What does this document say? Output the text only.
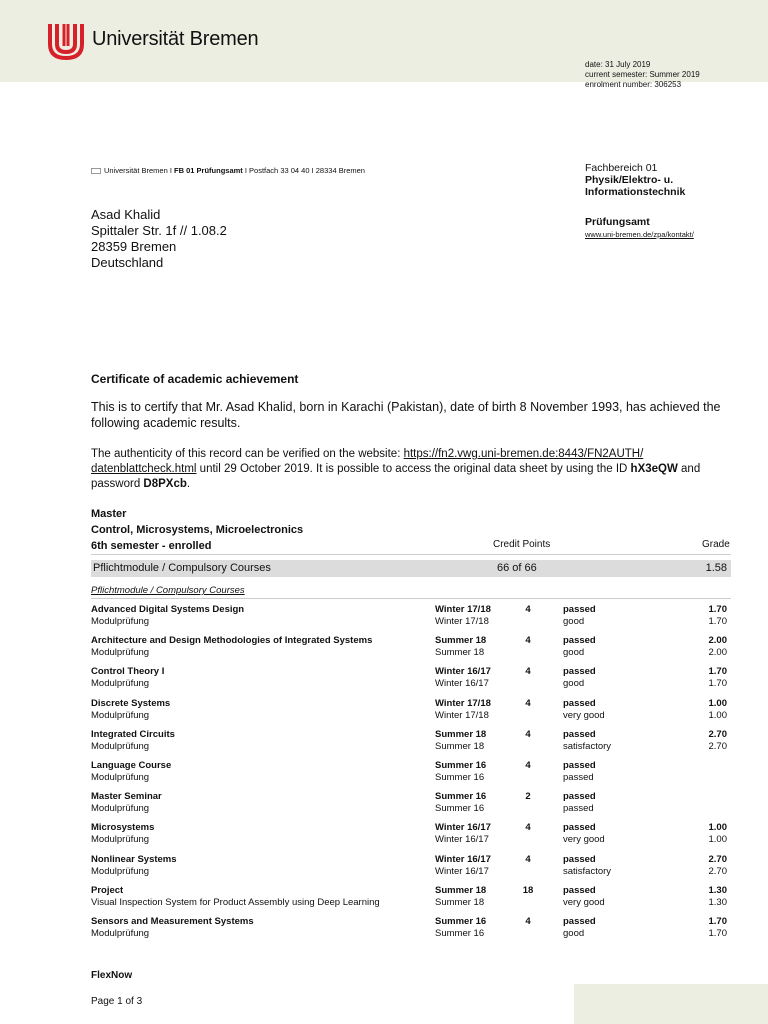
Universität Bremen
date: 31 July 2019
current semester: Summer 2019
enrolment number: 306253
Universität Bremen I FB 01 Prüfungsamt I Postfach 33 04 40 I 28334 Bremen	Fachbereich 01
Physik/Elektro- u.
Informationstechnik
Prüfungsamt
www.uni-bremen.de/zpa/kontakt/
Asad Khalid
Spittaler Str. 1f // 1.08.2
28359 Bremen
Deutschland
Certificate of academic achievement
This is to certify that Mr. Asad Khalid, born in Karachi (Pakistan), date of birth 8 November 1993, has achieved the following academic results.
The authenticity of this record can be verified on the website: https://fn2.vwg.uni-bremen.de:8443/FN2AUTH/ datenblattcheck.html until 29 October 2019. It is possible to access the original data sheet by using the ID hX3eQW and password D8PXcb.
Master
Control, Microsystems, Microelectronics
6th semester - enrolled	Credit Points	Grade
Pflichtmodule / Compulsory Courses	66 of 66	1.58
Pflichtmodule / Compulsory Courses
Advanced Digital Systems Design	Winter 17/18	4	passed	1.70
Modulprüfung	Winter 17/18	good	1.70
Architecture and Design Methodologies of Integrated Systems	Summer 18	4	passed	2.00
Modulprüfung	Summer 18	good	2.00
Control Theory I	Winter 16/17	4	passed	1.70
Modulprüfung	Winter 16/17	good	1.70
Discrete Systems	Winter 17/18	4	passed	1.00
Modulprüfung	Winter 17/18	very good	1.00
Integrated Circuits	Summer 18	4	passed	2.70
Modulprüfung	Summer 18	satisfactory	2.70
Language Course	Summer 16	4	passed
Modulprüfung	Summer 16	passed
Master Seminar	Summer 16	2	passed
Modulprüfung	Summer 16	passed
Microsystems	Winter 16/17	4	passed	1.00
Modulprüfung	Winter 16/17	very good	1.00
Nonlinear Systems	Winter 16/17	4	passed	2.70
Modulprüfung	Winter 16/17	satisfactory	2.70
Project	Summer 18	18	passed	1.30
Visual Inspection System for Product Assembly using Deep Learning	Summer 18	very good	1.30
Sensors and Measurement Systems	Summer 16	4	passed	1.70
Modulprüfung	Summer 16	good	1.70
FlexNow
Page 1 of 3
